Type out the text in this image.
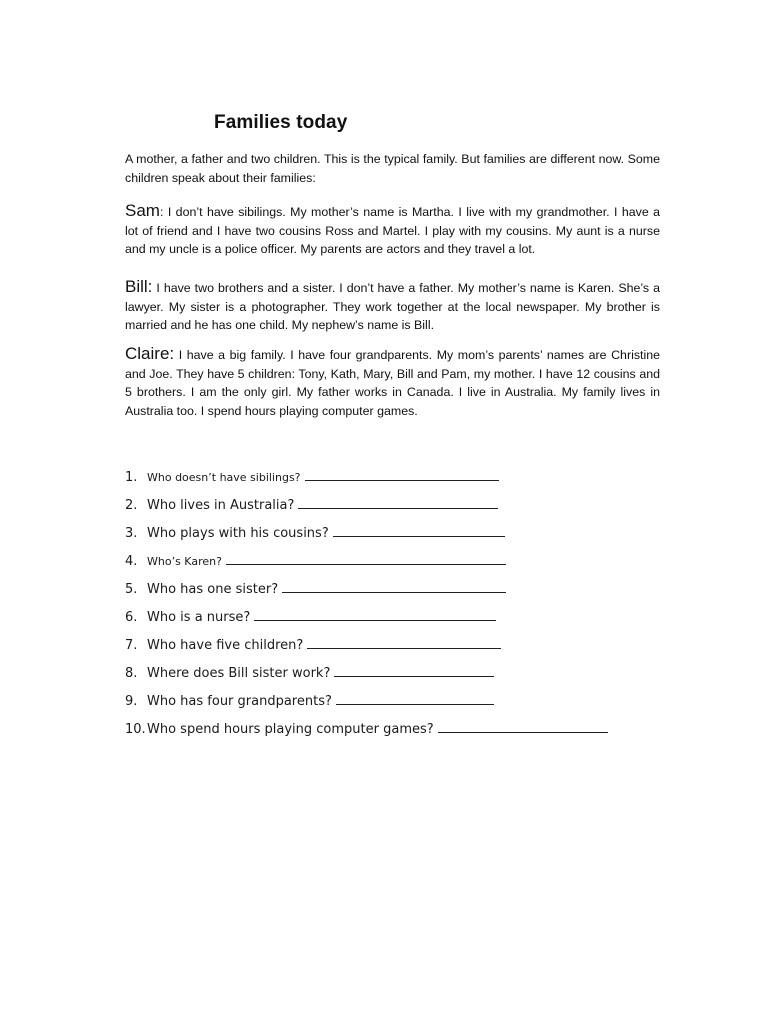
Families today
A mother, a father and two children. This is the typical family. But families are different now. Some children speak about their families:
Sam: I don’t have sibilings. My mother’s name is Martha. I live with my grandmother. I have a lot of friend and I have two cousins Ross and Martel. I play with my cousins. My aunt is a nurse and my uncle is a police officer. My parents are actors and they travel a lot.
Bill: I have two brothers and a sister. I don’t have a father. My mother’s name is Karen. She’s a lawyer. My sister is a photographer. They work together at the local newspaper. My brother is married and he has one child. My nephew’s name is Bill.
Claire: I have a big family. I have four grandparents. My mom’s parents’ names are Christine and Joe. They have 5 children: Tony, Kath, Mary, Bill and Pam, my mother. I have 12 cousins and 5 brothers. I am the only girl. My father works in Canada. I live in Australia. My family lives in Australia too. I spend hours playing computer games.
1. Who doesn’t have sibilings?
2. Who lives in Australia?
3. Who plays with his cousins?
4. Who’s Karen?
5. Who has one sister?
6. Who is a nurse?
7. Who have five children?
8. Where does Bill sister work?
9. Who has four grandparents?
10. Who spend hours playing computer games?
